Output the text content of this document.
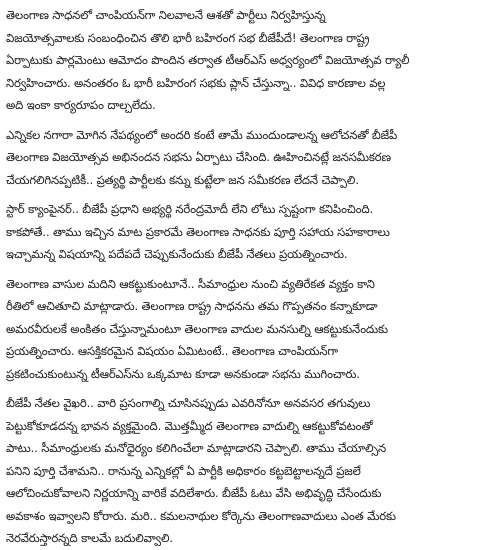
తెలంగాణ సాధనలో చాంపియన్‌గా నిలవాలనే ఆశతో పార్టీలు నిర్వహిస్తున్న
విజయోత్సవాలకు సంబంధించిన తొలి భారీ బహిరంగ సభ బీజేపీదే! తెలంగాణ రాష్ట్ర
ఏర్పాటుకు పార్లమెంటు ఆమోదం పొందిన తర్వాత టీఆర్ఎస్ అధ్వర్యంలో విజయోత్సవ ర్యాలీ
నిర్వహించారు. అనంతరం ఓ భారీ బహిరంగ సభకు ప్లాన్ చేస్తున్నా.. వివిధ కారణాల వల్ల
అది ఇంకా కార్యరూపం దాల్చలేదు.
ఎన్నికల నగారా మోగిన నేపథ్యంలో అందరి కంటే తామే ముందుండాలన్న ఆలోచనతో బీజేపీ
తెలంగాణ విజయోత్సవ అభినందన సభను ఏర్పాటు చేసింది. ఊహించినట్లే జనసమీకరణ
చేయగలిగినప్పటికీ.. ప్రత్యర్థి పార్టీలకు కన్ను కుట్టేలా జన సమీకరణ లేదనే చెప్పాలి.
స్టార్ క్యాంపైనర్.. బీజేపీ ప్రధాని అభ్యర్థి నరేంద్రమోదీ లేని లోటు స్పష్టంగా కనిపించింది.
కాకపోతే.. తాము ఇచ్చిన మాట ప్రకారమే తెలంగాణ సాధనకు పూర్తి సహాయ సహకారాలు
ఇచ్చామన్న విషయాన్ని పదేపదే చెప్పుకునేందుకు బీజేపీ నేతలు ప్రయత్నించారు.
తెలంగాణ వాసుల మదిని ఆకట్టుకుంటూనే.. సీమాంధ్రుల నుంచి వ్యతిరేకత వ్యక్తం కాని
రీతిలో ఆచితూచి మాట్లాడారు. తెలంగాణ రాష్ట్ర సాధనను తమ గొప్పతనం కన్నాకూడా
అమరవీరులకే అంకితం చేస్తున్నామంటూ తెలంగాణ వాదుల మనసుల్ని ఆకట్టుకునేందుకు
ప్రయత్నించారు. ఆసక్తికరమైన విషయం ఏమిటంటే.. తెలంగాణ చాంపియన్‌గా
ప్రకటించుకుంటున్న టీఆర్ఎస్‌ను ఒక్కమాట కూడా అనకుండా సభను ముగించారు.
బీజేపీ నేతల వైఖరి.. వారి ప్రసంగాల్ని చూసినప్పుడు ఎవరినోనూ అనవసర తగువులు
పెట్టుకోకూడదన్న భావన వ్యక్తమైంది. మొత్తమ్మీద తెలంగాణ వాదుల్ని ఆకట్టుకోవటంతో
పాటు.. సీమాంధ్రులకు మనోధైర్యం కలిగించేలా మాట్లాడారని చెప్పాలి. తాము చేయాల్సిన
పనిని పూర్తి చేశామని.. రానున్న ఎన్నికల్లో ఏ పార్టీకి అధికారం కట్టబెట్టాలన్నదే ప్రజలే
ఆలోచించుకోవాలని నిర్ణయాన్ని వారికే వదిలేశారు. బీజేపీ ఓటు వేసి అభివృద్ధి చేసేందుకు
అవకాశం ఇవ్వాలని కోరారు. మరి.. కమలనాథుల కోర్కెను తెలంగాణవాదులు ఎంత మేరకు
నెరవేరుస్తారన్నది కాలమే బదులివ్వాలి.
